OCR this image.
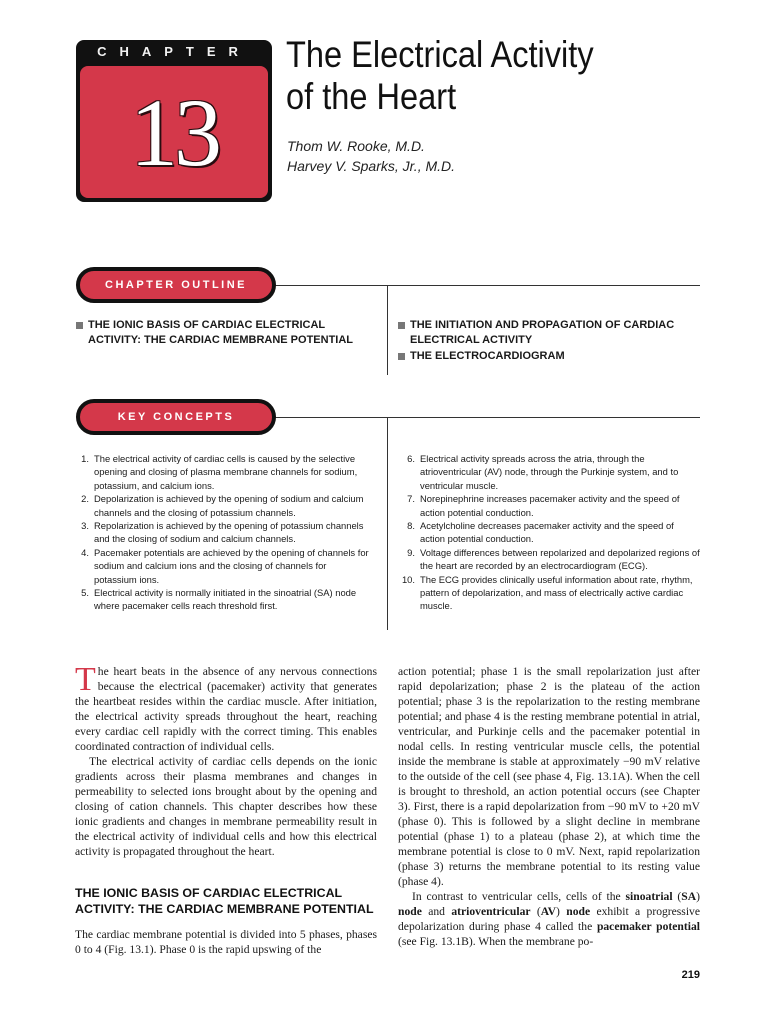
CHAPTER
13
The Electrical Activity
of the Heart
Thom W. Rooke, M.D.
Harvey V. Sparks, Jr., M.D.
CHAPTER OUTLINE
THE IONIC BASIS OF CARDIAC ELECTRICAL ACTIVITY: THE CARDIAC MEMBRANE POTENTIAL
THE INITIATION AND PROPAGATION OF CARDIAC ELECTRICAL ACTIVITY
THE ELECTROCARDIOGRAM
KEY CONCEPTS
1. The electrical activity of cardiac cells is caused by the selective opening and closing of plasma membrane channels for sodium, potassium, and calcium ions.
2. Depolarization is achieved by the opening of sodium and calcium channels and the closing of potassium channels.
3. Repolarization is achieved by the opening of potassium channels and the closing of sodium and calcium channels.
4. Pacemaker potentials are achieved by the opening of channels for sodium and calcium ions and the closing of channels for potassium ions.
5. Electrical activity is normally initiated in the sinoatrial (SA) node where pacemaker cells reach threshold first.
6. Electrical activity spreads across the atria, through the atrioventricular (AV) node, through the Purkinje system, and to ventricular muscle.
7. Norepinephrine increases pacemaker activity and the speed of action potential conduction.
8. Acetylcholine decreases pacemaker activity and the speed of action potential conduction.
9. Voltage differences between repolarized and depolarized regions of the heart are recorded by an electrocardiogram (ECG).
10. The ECG provides clinically useful information about rate, rhythm, pattern of depolarization, and mass of electrically active cardiac muscle.

The heart beats in the absence of any nervous connections because the electrical (pacemaker) activity that generates the heartbeat resides within the cardiac muscle. After initiation, the electrical activity spreads throughout the heart, reaching every cardiac cell rapidly with the correct timing. This enables coordinated contraction of individual cells.

The electrical activity of cardiac cells depends on the ionic gradients across their plasma membranes and changes in permeability to selected ions brought about by the opening and closing of cation channels. This chapter describes how these ionic gradients and changes in membrane permeability result in the electrical activity of individual cells and how this electrical activity is propagated throughout the heart.

THE IONIC BASIS OF CARDIAC ELECTRICAL ACTIVITY: THE CARDIAC MEMBRANE POTENTIAL

The cardiac membrane potential is divided into 5 phases, phases 0 to 4 (Fig. 13.1). Phase 0 is the rapid upswing of the

action potential; phase 1 is the small repolarization just after rapid depolarization; phase 2 is the plateau of the action potential; phase 3 is the repolarization to the resting membrane potential; and phase 4 is the resting membrane potential in atrial, ventricular, and Purkinje cells and the pacemaker potential in nodal cells. In resting ventricular muscle cells, the potential inside the membrane is stable at approximately −90 mV relative to the outside of the cell (see phase 4, Fig. 13.1A). When the cell is brought to threshold, an action potential occurs (see Chapter 3). First, there is a rapid depolarization from −90 mV to +20 mV (phase 0). This is followed by a slight decline in membrane potential (phase 1) to a plateau (phase 2), at which time the membrane potential is close to 0 mV. Next, rapid repolarization (phase 3) returns the membrane potential to its resting value (phase 4).

In contrast to ventricular cells, cells of the sinoatrial (SA) node and atrioventricular (AV) node exhibit a progressive depolarization during phase 4 called the pacemaker potential (see Fig. 13.1B). When the membrane po-

219
